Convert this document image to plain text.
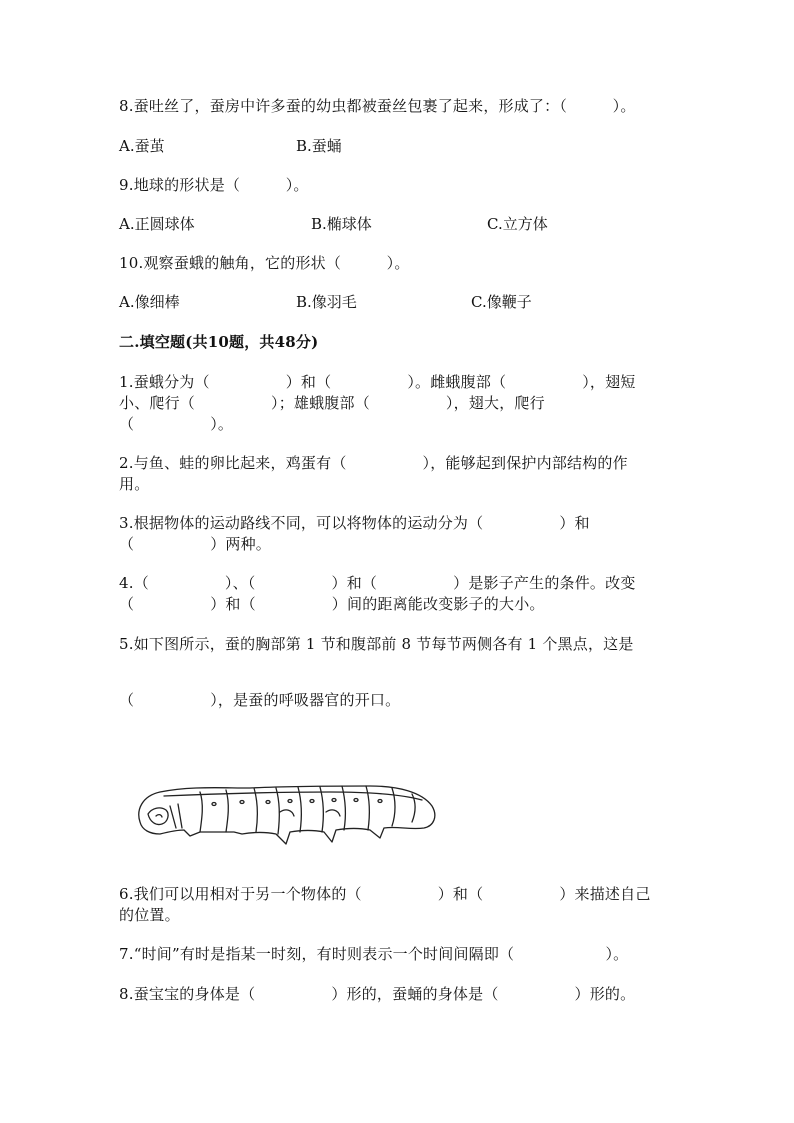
8.蚕吐丝了，蚕房中许多蚕的幼虫都被蚕丝包裹了起来，形成了：（　　　）。
A.蚕茧	B.蚕蛹
9.地球的形状是（　　　）。
A.正圆球体	B.椭球体	C.立方体
10.观察蚕蛾的触角，它的形状（　　　）。
A.像细棒	B.像羽毛	C.像鞭子
二.填空题(共10题，共48分)
1.蚕蛾分为（　　　　　）和（　　　　　）。雌蛾腹部（　　　　　），翅短
小、爬行（　　　　　）；雄蛾腹部（　　　　　），翅大，爬行
（　　　　　）。
2.与鱼、蛙的卵比起来，鸡蛋有（　　　　　），能够起到保护内部结构的作
用。
3.根据物体的运动路线不同，可以将物体的运动分为（　　　　　）和
（　　　　　）两种。
4.（　　　　　）、（　　　　　）和（　　　　　）是影子产生的条件。改变
（　　　　　）和（　　　　　）间的距离能改变影子的大小。
5.如下图所示，蚕的胸部第 1 节和腹部前 8 节每节两侧各有 1 个黑点，这是
（　　　　　），是蚕的呼吸器官的开口。
6.我们可以用相对于另一个物体的（　　　　　）和（　　　　　）来描述自己
的位置。
7.“时间”有时是指某一时刻，有时则表示一个时间间隔即（　　　　　　）。
8.蚕宝宝的身体是（　　　　　）形的，蚕蛹的身体是（　　　　　）形的。
